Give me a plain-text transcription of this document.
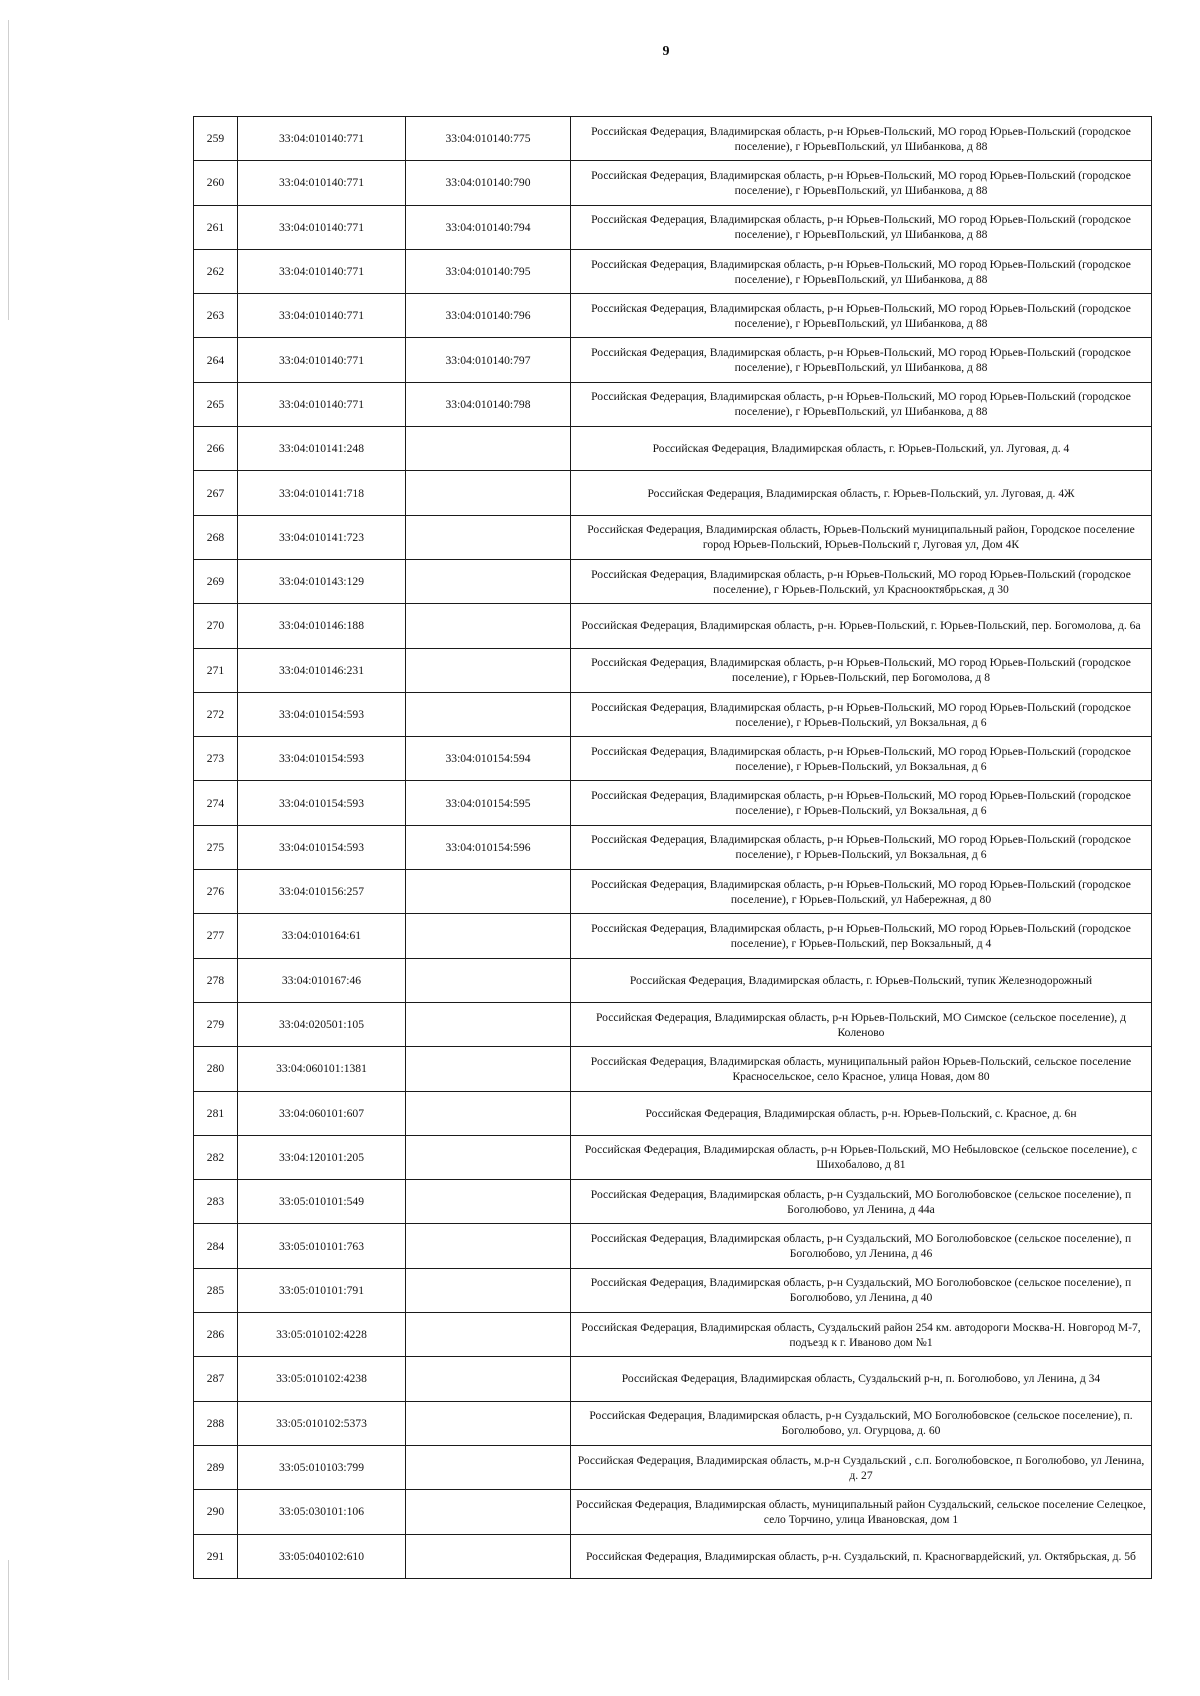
9
259	33:04:010140:771	33:04:010140:775	Российская Федерация, Владимирская область, р-н Юрьев-Польский, МО город Юрьев-Польский (городское поселение), г ЮрьевПольский, ул Шибанкова, д 88
260	33:04:010140:771	33:04:010140:790	Российская Федерация, Владимирская область, р-н Юрьев-Польский, МО город Юрьев-Польский (городское поселение), г ЮрьевПольский, ул Шибанкова, д 88
261	33:04:010140:771	33:04:010140:794	Российская Федерация, Владимирская область, р-н Юрьев-Польский, МО город Юрьев-Польский (городское поселение), г ЮрьевПольский, ул Шибанкова, д 88
262	33:04:010140:771	33:04:010140:795	Российская Федерация, Владимирская область, р-н Юрьев-Польский, МО город Юрьев-Польский (городское поселение), г ЮрьевПольский, ул Шибанкова, д 88
263	33:04:010140:771	33:04:010140:796	Российская Федерация, Владимирская область, р-н Юрьев-Польский, МО город Юрьев-Польский (городское поселение), г ЮрьевПольский, ул Шибанкова, д 88
264	33:04:010140:771	33:04:010140:797	Российская Федерация, Владимирская область, р-н Юрьев-Польский, МО город Юрьев-Польский (городское поселение), г ЮрьевПольский, ул Шибанкова, д 88
265	33:04:010140:771	33:04:010140:798	Российская Федерация, Владимирская область, р-н Юрьев-Польский, МО город Юрьев-Польский (городское поселение), г ЮрьевПольский, ул Шибанкова, д 88
266	33:04:010141:248		Российская Федерация, Владимирская область, г. Юрьев-Польский, ул. Луговая, д. 4
267	33:04:010141:718		Российская Федерация, Владимирская область, г. Юрьев-Польский, ул. Луговая, д. 4Ж
268	33:04:010141:723		Российская Федерация, Владимирская область, Юрьев-Польский муниципальный район, Городское поселение город Юрьев-Польский, Юрьев-Польский г, Луговая ул, Дом 4К
269	33:04:010143:129		Российская Федерация, Владимирская область, р-н Юрьев-Польский, МО город Юрьев-Польский (городское поселение), г Юрьев-Польский, ул Краснооктябрьская, д 30
270	33:04:010146:188		Российская Федерация, Владимирская область, р-н. Юрьев-Польский, г. Юрьев-Польский, пер. Богомолова, д. 6а
271	33:04:010146:231		Российская Федерация, Владимирская область, р-н Юрьев-Польский, МО город Юрьев-Польский (городское поселение), г Юрьев-Польский, пер Богомолова, д 8
272	33:04:010154:593		Российская Федерация, Владимирская область, р-н Юрьев-Польский, МО город Юрьев-Польский (городское поселение), г Юрьев-Польский, ул Вокзальная, д 6
273	33:04:010154:593	33:04:010154:594	Российская Федерация, Владимирская область, р-н Юрьев-Польский, МО город Юрьев-Польский (городское поселение), г Юрьев-Польский, ул Вокзальная, д 6
274	33:04:010154:593	33:04:010154:595	Российская Федерация, Владимирская область, р-н Юрьев-Польский, МО город Юрьев-Польский (городское поселение), г Юрьев-Польский, ул Вокзальная, д 6
275	33:04:010154:593	33:04:010154:596	Российская Федерация, Владимирская область, р-н Юрьев-Польский, МО город Юрьев-Польский (городское поселение), г Юрьев-Польский, ул Вокзальная, д 6
276	33:04:010156:257		Российская Федерация, Владимирская область, р-н Юрьев-Польский, МО город Юрьев-Польский (городское поселение), г Юрьев-Польский, ул Набережная, д 80
277	33:04:010164:61		Российская Федерация, Владимирская область, р-н Юрьев-Польский, МО город Юрьев-Польский (городское поселение), г Юрьев-Польский, пер Вокзальный, д 4
278	33:04:010167:46		Российская Федерация, Владимирская область, г. Юрьев-Польский, тупик Железнодорожный
279	33:04:020501:105		Российская Федерация, Владимирская область, р-н Юрьев-Польский, МО Симское (сельское поселение), д Коленово
280	33:04:060101:1381		Российская Федерация, Владимирская область, муниципальный район Юрьев-Польский, сельское поселение Красносельское, село Красное, улица Новая, дом 80
281	33:04:060101:607		Российская Федерация, Владимирская область, р-н. Юрьев-Польский, с. Красное, д. 6н
282	33:04:120101:205		Российская Федерация, Владимирская область, р-н Юрьев-Польский, МО Небыловское (сельское поселение), с Шихобалово, д 81
283	33:05:010101:549		Российская Федерация, Владимирская область, р-н Суздальский, МО Боголюбовское (сельское поселение), п Боголюбово, ул Ленина, д 44а
284	33:05:010101:763		Российская Федерация, Владимирская область, р-н Суздальский, МО Боголюбовское (сельское поселение), п Боголюбово, ул Ленина, д 46
285	33:05:010101:791		Российская Федерация, Владимирская область, р-н Суздальский, МО Боголюбовское (сельское поселение), п Боголюбово, ул Ленина, д 40
286	33:05:010102:4228		Российская Федерация, Владимирская область, Суздальский район 254 км. автодороги Москва-Н. Новгород М-7, подъезд к г. Иваново дом №1
287	33:05:010102:4238		Российская Федерация, Владимирская область, Суздальский р-н, п. Боголюбово, ул Ленина, д 34
288	33:05:010102:5373		Российская Федерация, Владимирская область, р-н Суздальский, МО Боголюбовское (сельское поселение), п. Боголюбово, ул. Огурцова, д. 60
289	33:05:010103:799		Российская Федерация, Владимирская область, м.р-н Суздальский , с.п. Боголюбовское, п Боголюбово, ул Ленина, д. 27
290	33:05:030101:106		Российская Федерация, Владимирская область, муниципальный район Суздальский, сельское поселение Селецкое, село Торчино, улица Ивановская, дом 1
291	33:05:040102:610		Российская Федерация, Владимирская область, р-н. Суздальский, п. Красногвардейский, ул. Октябрьская, д. 5б
